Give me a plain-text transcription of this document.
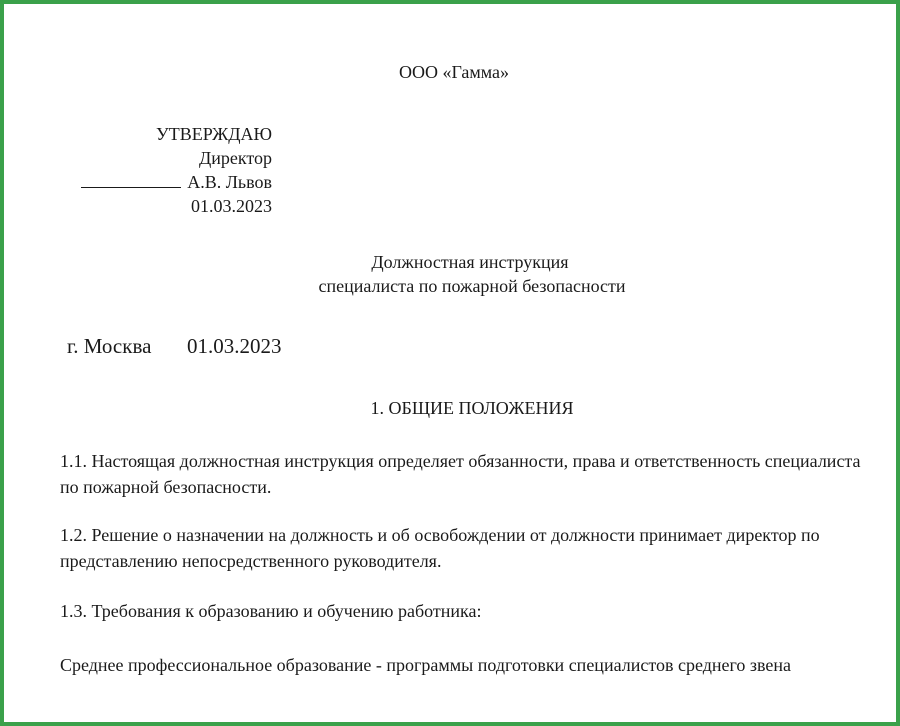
ООО «Гамма»
УТВЕРЖДАЮ
Директор
А.В. Львов
01.03.2023
Должностная инструкция
специалиста по пожарной безопасности
г. Москва 01.03.2023
1. ОБЩИЕ ПОЛОЖЕНИЯ
1.1. Настоящая должностная инструкция определяет обязанности, права и ответственность специалиста по пожарной безопасности.
1.2. Решение о назначении на должность и об освобождении от должности принимает директор по представлению непосредственного руководителя.
1.3. Требования к образованию и обучению работника:
Среднее профессиональное образование - программы подготовки специалистов среднего звена
